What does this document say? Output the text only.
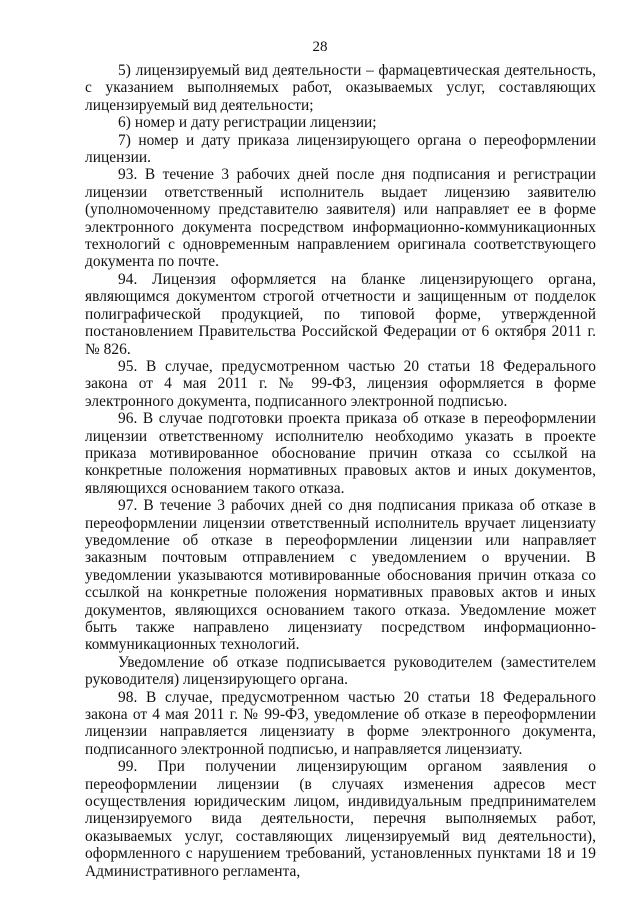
28

5) лицензируемый вид деятельности – фармацевтическая деятельность, с указанием выполняемых работ, оказываемых услуг, составляющих лицензируемый вид деятельности;

6) номер и дату регистрации лицензии;

7) номер и дату приказа лицензирующего органа о переоформлении лицензии.

93. В течение 3 рабочих дней после дня подписания и регистрации лицензии ответственный исполнитель выдает лицензию заявителю (уполномоченному представителю заявителя) или направляет ее в форме электронного документа посредством информационно-коммуникационных технологий с одновременным направлением оригинала соответствующего документа по почте.

94. Лицензия оформляется на бланке лицензирующего органа, являющимся документом строгой отчетности и защищенным от подделок полиграфической продукцией, по типовой форме, утвержденной постановлением Правительства Российской Федерации от 6 октября 2011 г. № 826.

95. В случае, предусмотренном частью 20 статьи 18 Федерального закона от 4 мая 2011 г. № 99-ФЗ, лицензия оформляется в форме электронного документа, подписанного электронной подписью.

96. В случае подготовки проекта приказа об отказе в переоформлении лицензии ответственному исполнителю необходимо указать в проекте приказа мотивированное обоснование причин отказа со ссылкой на конкретные положения нормативных правовых актов и иных документов, являющихся основанием такого отказа.

97. В течение 3 рабочих дней со дня подписания приказа об отказе в переоформлении лицензии ответственный исполнитель вручает лицензиату уведомление об отказе в переоформлении лицензии или направляет заказным почтовым отправлением с уведомлением о вручении. В уведомлении указываются мотивированные обоснования причин отказа со ссылкой на конкретные положения нормативных правовых актов и иных документов, являющихся основанием такого отказа. Уведомление может быть также направлено лицензиату посредством информационно-коммуникационных технологий.

Уведомление об отказе подписывается руководителем (заместителем руководителя) лицензирующего органа.

98. В случае, предусмотренном частью 20 статьи 18 Федерального закона от 4 мая 2011 г. № 99-ФЗ, уведомление об отказе в переоформлении лицензии направляется лицензиату в форме электронного документа, подписанного электронной подписью, и направляется лицензиату.

99. При получении лицензирующим органом заявления о переоформлении лицензии (в случаях изменения адресов мест осуществления юридическим лицом, индивидуальным предпринимателем лицензируемого вида деятельности, перечня выполняемых работ, оказываемых услуг, составляющих лицензируемый вид деятельности), оформленного с нарушением требований, установленных пунктами 18 и 19 Административного регламента,
